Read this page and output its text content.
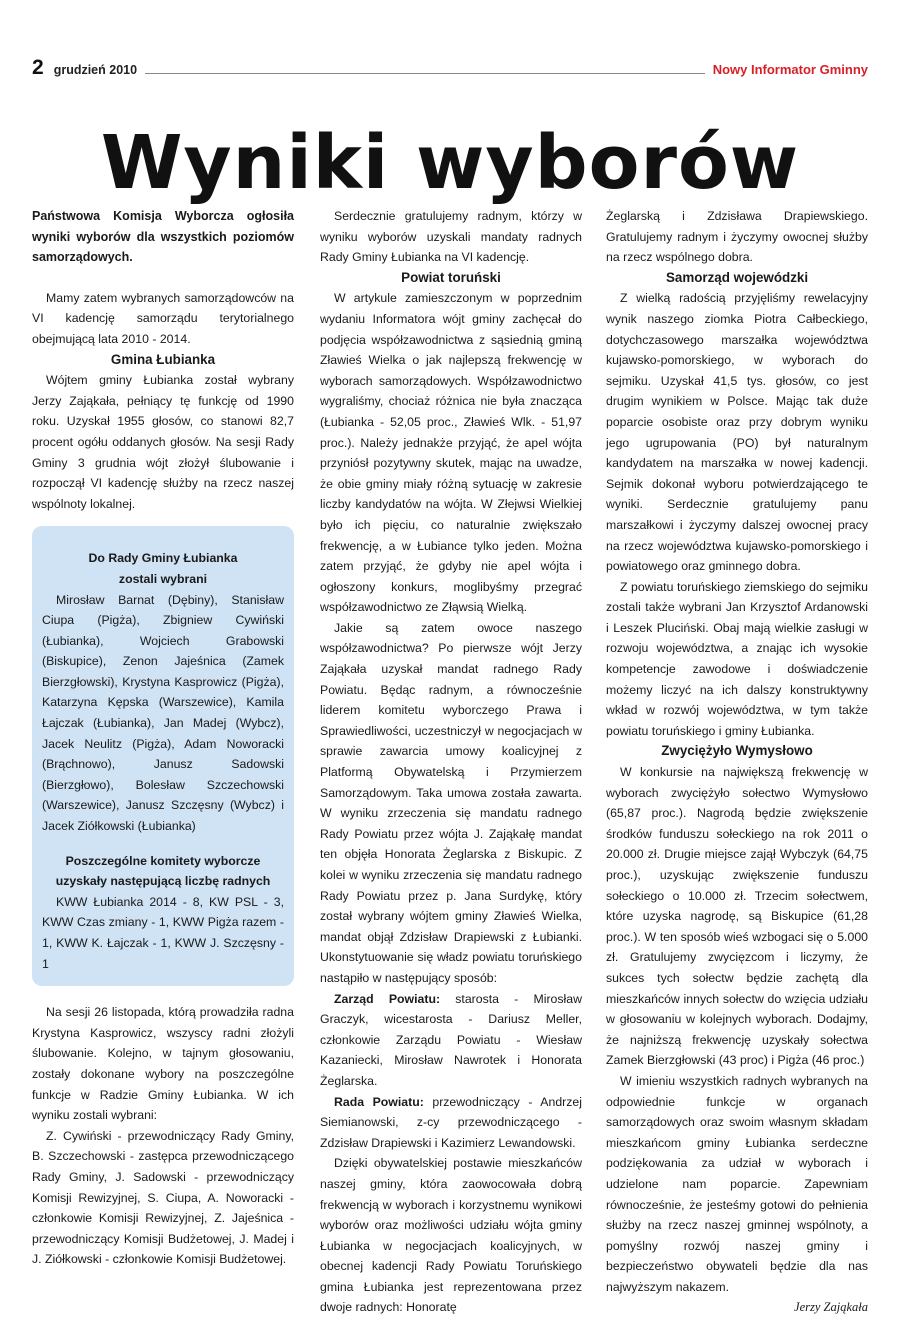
2 grudzień 2010	Nowy Informator Gminny
Wyniki wyborów

Państwowa Komisja Wyborcza ogłosiła wyniki wyborów dla wszystkich poziomów samorządowych.

Mamy zatem wybranych samorządowców na VI kadencję samorządu terytorialnego obejmującą lata 2010 - 2014.

Gmina Łubianka

Wójtem gminy Łubianka został wybrany Jerzy Zająkała, pełniący tę funkcję od 1990 roku. Uzyskał 1955 głosów, co stanowi 82,7 procent ogółu oddanych głosów. Na sesji Rady Gminy 3 grudnia wójt złożył ślubowanie i rozpoczął VI kadencję służby na rzecz naszej wspólnoty lokalnej.

Do Rady Gminy Łubianka
zostali wybrani

Mirosław Barnat (Dębiny), Stanisław Ciupa (Pigża), Zbigniew Cywiński (Łubianka), Wojciech Grabowski (Biskupice), Zenon Jajeśnica (Zamek Bierzgłowski), Krystyna Kasprowicz (Pigża), Katarzyna Kępska (Warszewice), Kamila Łajczak (Łubianka), Jan Madej (Wybcz), Jacek Neulitz (Pigża), Adam Noworacki (Brąchnowo), Janusz Sadowski (Bierzgłowo), Bolesław Szczechowski (Warszewice), Janusz Szczęsny (Wybcz) i Jacek Ziółkowski (Łubianka)

Poszczególne komitety wyborcze
uzyskały następującą liczbę radnych

KWW Łubianka 2014 - 8, KW PSL - 3, KWW Czas zmiany - 1, KWW Pigża razem - 1, KWW K. Łajczak - 1, KWW J. Szczęsny - 1

Na sesji 26 listopada, którą prowadziła radna Krystyna Kasprowicz, wszyscy radni złożyli ślubowanie. Kolejno, w tajnym głosowaniu, zostały dokonane wybory na poszczególne funkcje w Radzie Gminy Łubianka. W ich wyniku zostali wybrani:

Z. Cywiński - przewodniczący Rady Gminy, B. Szczechowski - zastępca przewodniczącego Rady Gminy, J. Sadowski - przewodniczący Komisji Rewizyjnej, S. Ciupa, A. Noworacki - członkowie Komisji Rewizyjnej, Z. Jajeśnica - przewodniczący Komisji Budżetowej, J. Madej i J. Ziółkowski - członkowie Komisji Budżetowej.

Serdecznie gratulujemy radnym, którzy w wyniku wyborów uzyskali mandaty radnych Rady Gminy Łubianka na VI kadencję.

Powiat toruński

W artykule zamieszczonym w poprzednim wydaniu Informatora wójt gminy zachęcał do podjęcia współzawodnictwa z sąsiednią gminą Zławieś Wielka o jak najlepszą frekwencję w wyborach samorządowych. Współzawodnictwo wygraliśmy, chociaż różnica nie była znacząca (Łubianka - 52,05 proc., Zławieś Wlk. - 51,97 proc.). Należy jednakże przyjąć, że apel wójta przyniósł pozytywny skutek, mając na uwadze, że obie gminy miały różną sytuację w zakresie liczby kandydatów na wójta. W Złejwsi Wielkiej było ich pięciu, co naturalnie zwiększało frekwencję, a w Łubiance tylko jeden. Można zatem przyjąć, że gdyby nie apel wójta i ogłoszony konkurs, moglibyśmy przegrać współzawodnictwo ze Złąwsią Wielką.

Jakie są zatem owoce naszego współzawodnictwa? Po pierwsze wójt Jerzy Zająkała uzyskał mandat radnego Rady Powiatu. Będąc radnym, a równocześnie liderem komitetu wyborczego Prawa i Sprawiedliwości, uczestniczył w negocjacjach w sprawie zawarcia umowy koalicyjnej z Platformą Obywatelską i Przymierzem Samorządowym. Taka umowa została zawarta. W wyniku zrzeczenia się mandatu radnego Rady Powiatu przez wójta J. Zająkałę mandat ten objęła Honorata Żeglarska z Biskupic. Z kolei w wyniku zrzeczenia się mandatu radnego Rady Powiatu przez p. Jana Surdykę, który został wybrany wójtem gminy Zławieś Wielka, mandat objął Zdzisław Drapiewski z Łubianki. Ukonstytuowanie się władz powiatu toruńskiego nastąpiło w następujący sposób:

Zarząd Powiatu: starosta - Mirosław Graczyk, wicestarosta - Dariusz Meller, członkowie Zarządu Powiatu - Wiesław Kazaniecki, Mirosław Nawrotek i Honorata Żeglarska.

Rada Powiatu: przewodniczący - Andrzej Siemianowski, z-cy przewodniczącego - Zdzisław Drapiewski i Kazimierz Lewandowski.

Dzięki obywatelskiej postawie mieszkańców naszej gminy, która zaowocowała dobrą frekwencją w wyborach i korzystnemu wynikowi wyborów oraz możliwości udziału wójta gminy Łubianka w negocjacjach koalicyjnych, w obecnej kadencji Rady Powiatu Toruńskiego gmina Łubianka jest reprezentowana przez dwoje radnych: Honoratę

Żeglarską i Zdzisława Drapiewskiego. Gratulujemy radnym i życzymy owocnej służby na rzecz wspólnego dobra.

Samorząd wojewódzki

Z wielką radością przyjęliśmy rewelacyjny wynik naszego ziomka Piotra Całbeckiego, dotychczasowego marszałka województwa kujawsko-pomorskiego, w wyborach do sejmiku. Uzyskał 41,5 tys. głosów, co jest drugim wynikiem w Polsce. Mając tak duże poparcie osobiste oraz przy dobrym wyniku jego ugrupowania (PO) był naturalnym kandydatem na marszałka w nowej kadencji. Sejmik dokonał wyboru potwierdzającego te wyniki. Serdecznie gratulujemy panu marszałkowi i życzymy dalszej owocnej pracy na rzecz województwa kujawsko-pomorskiego i powiatowego oraz gminnego dobra.

Z powiatu toruńskiego ziemskiego do sejmiku zostali także wybrani Jan Krzysztof Ardanowski i Leszek Pluciński. Obaj mają wielkie zasługi w rozwoju województwa, a znając ich wysokie kompetencje zawodowe i doświadczenie możemy liczyć na ich dalszy konstruktywny wkład w rozwój województwa, w tym także powiatu toruńskiego i gminy Łubianka.

Zwyciężyło Wymysłowo

W konkursie na największą frekwencję w wyborach zwyciężyło sołectwo Wymysłowo (65,87 proc.). Nagrodą będzie zwiększenie środków funduszu sołeckiego na rok 2011 o 20.000 zł. Drugie miejsce zajął Wybczyk (64,75 proc.), uzyskując zwiększenie funduszu sołeckiego o 10.000 zł. Trzecim sołectwem, które uzyska nagrodę, są Biskupice (61,28 proc.). W ten sposób wieś wzbogaci się o 5.000 zł. Gratulujemy zwycięzcom i liczymy, że sukces tych sołectw będzie zachętą dla mieszkańców innych sołectw do wzięcia udziału w głosowaniu w kolejnych wyborach. Dodajmy, że najniższą frekwencję uzyskały sołectwa Zamek Bierzgłowski (43 proc) i Pigża (46 proc.)

W imieniu wszystkich radnych wybranych na odpowiednie funkcje w organach samorządowych oraz swoim własnym składam mieszkańcom gminy Łubianka serdeczne podziękowania za udział w wyborach i udzielone nam poparcie. Zapewniam równocześnie, że jesteśmy gotowi do pełnienia służby na rzecz naszej gminnej wspólnoty, a pomyślny rozwój naszej gminy i bezpieczeństwo obywateli będzie dla nas najwyższym nakazem.

Jerzy Zająkała
